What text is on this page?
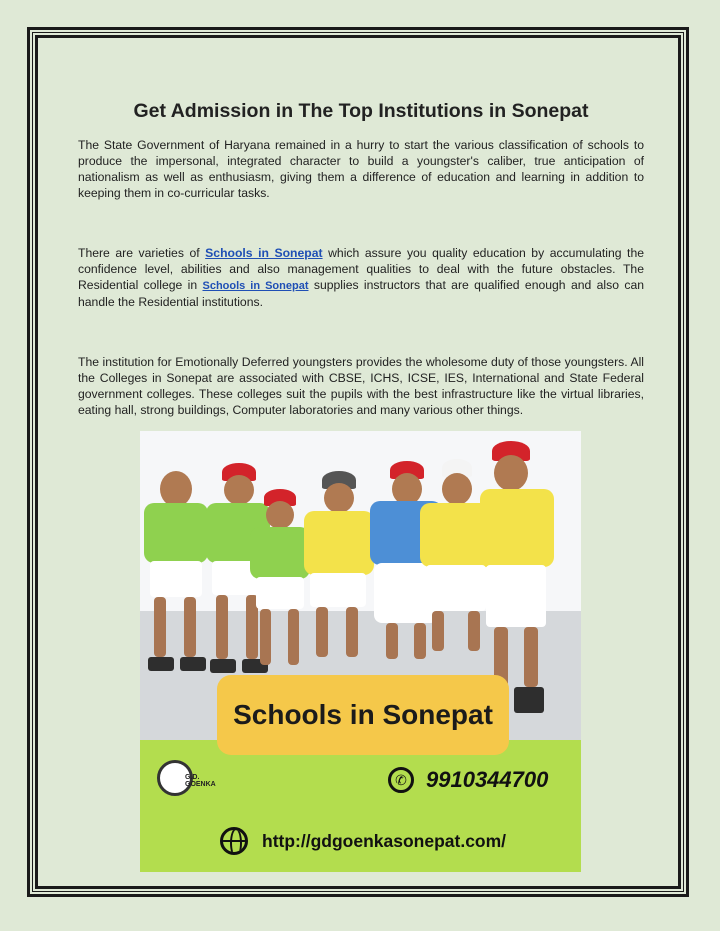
Get Admission in The Top Institutions in Sonepat

The State Government of Haryana remained in a hurry to start the various classification of schools to produce the impersonal, integrated character to build a youngster's caliber, true anticipation of nationalism as well as enthusiasm, giving them a difference of education and learning in addition to keeping them in co-curricular tasks.

There are varieties of Schools in Sonepat which assure you quality education by accumulating the confidence level, abilities and also management qualities to deal with the future obstacles. The Residential college in Schools in Sonepat supplies instructors that are qualified enough and also can handle the Residential institutions.

The institution for Emotionally Deferred youngsters provides the wholesome duty of those youngsters. All the Colleges in Sonepat are associated with CBSE, ICHS, ICSE, IES, International and State Federal government colleges. These colleges suit the pupils with the best infrastructure like the virtual libraries, eating hall, strong buildings, Computer laboratories and many various other things.

Schools in Sonepat
G.D. GOENKA	✆ 9910344700
http://gdgoenkasonepat.com/
